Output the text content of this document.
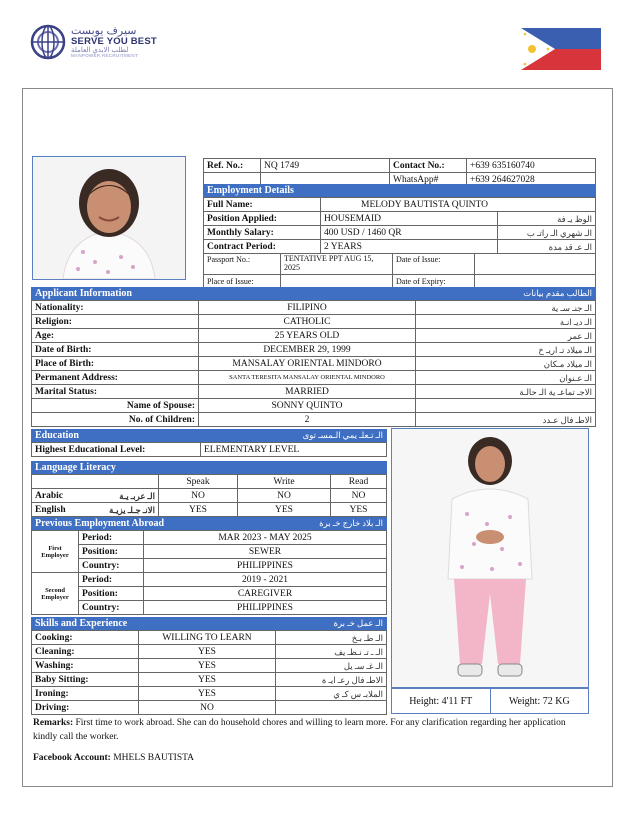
سيرف يوبست
SERVE YOU BEST
لطلب الايدي العاملة
MANPOWER RECRUITMENT
Ref. No.:	NQ 1749	Contact No.:	+639 635160740
		WhatsApp#	+639 264627028
Employment Details
Full Name:	MELODY BAUTISTA QUINTO	
Position Applied:	HOUSEMAID	الوظ يـ فة
Monthly Salary:	400 USD / 1460 QR	الـ شهري الـ راتـ ب
Contract Period:	2 YEARS	الـ عـ قد مدة
Passport No.:	TENTATIVE PPT AUG 15, 2025	Date of Issue:	
Place of Issue:		Date of Expiry:	
Applicant Information	الطالب مقدم بيانات
Nationality:	FILIPINO	الـ جنـ سـ ية
Religion:	CATHOLIC	الـ ديـ انـة
Age:	25 YEARS OLD	الـ عمر
Date of Birth:	DECEMBER 29, 1999	الـ ميلاد تـ اريـ خ
Place of Birth:	MANSALAY ORIENTAL MINDORO	الـ ميلاد مـكان
Permanent Address:	SANTA TERESITA MANSALAY ORIENTAL MINDORO	الـ عـنوان
Marital Status:	MARRIED	الاجـ تماعـ ية الـ حالـة
Name of Spouse:	SONNY QUINTO	
No. of Children:	2	الاطـ فال عـدد
Education	الـ تـعلـ يمي الـمسـ توى
Highest Educational Level:	ELEMENTARY LEVEL
Language Literacy
	Speak	Write	Read
Arabic الـ عربـ يـة	NO	NO	NO
English الانـ جـلـ يزيـة	YES	YES	YES
Previous Employment Abroad	الـ بلاد خارج خـ برة
First Employer	Period:	MAR 2023 - MAY 2025
	Position:	SEWER
	Country:	PHILIPPINES
Second Employer	Period:	2019 - 2021
	Position:	CAREGIVER
	Country:	PHILIPPINES
Skills and Experience	الـ عمل خـ برة
Cooking:	WILLING TO LEARN	الـ طـ بـخ
Cleaning:	YES	الـ ـ تـ نـظـ يف
Washing:	YES	الـ غـ سـ يل
Baby Sitting:	YES	الاطـ فال رعـ ايـ ة
Ironing:	YES	الملابـ س كـ ي
Driving:	NO	
Height: 4'11 FT	Weight: 72 KG
Remarks: First time to work abroad. She can do household chores and willing to learn more. For any clarification regarding her application kindly call the worker.
Facebook Account: MHELS BAUTISTA
